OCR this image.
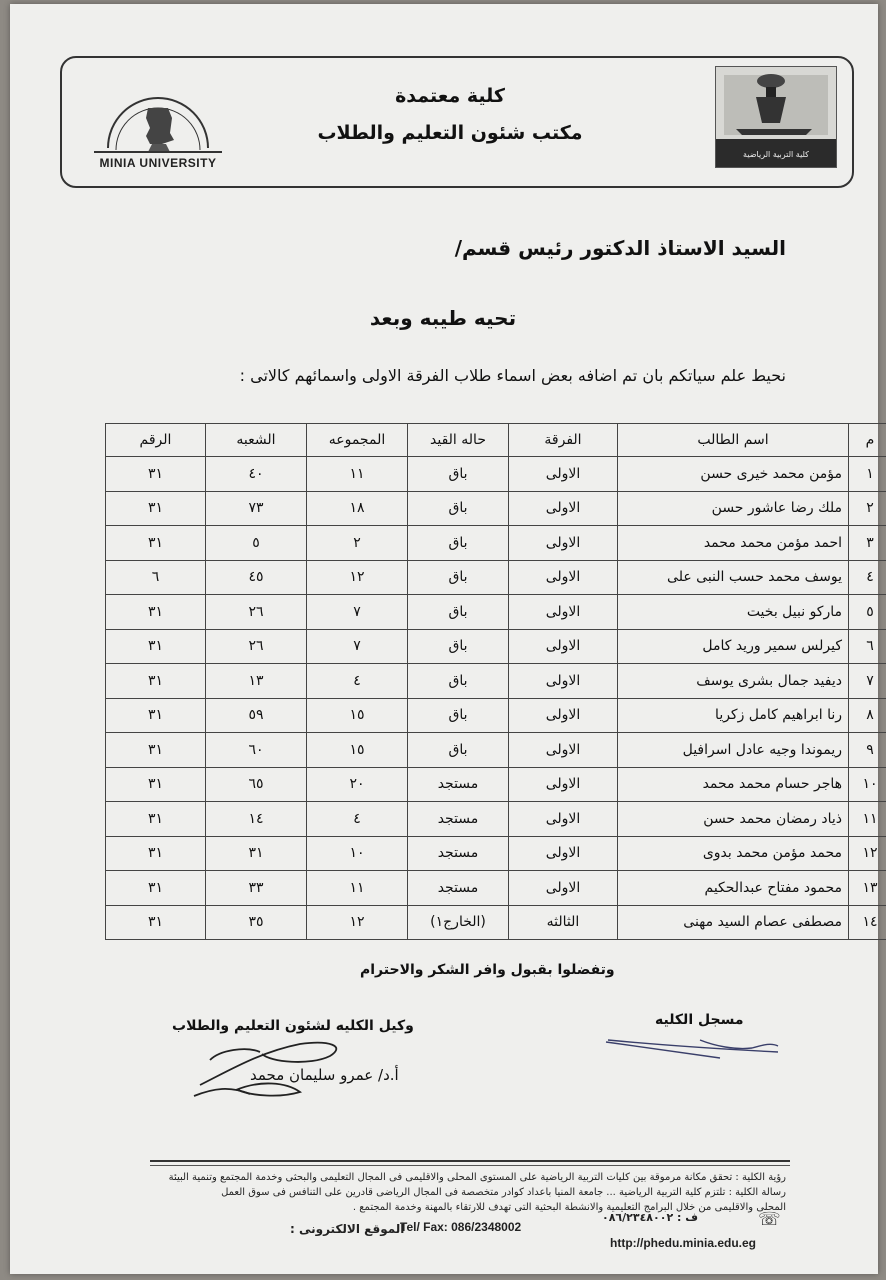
MINIA UNIVERSITY
كلية التربية الرياضية
كلية معتمدة
مكتب شئون التعليم والطلاب
السيد الاستاذ الدكتور رئيس قسم/
تحيه طيبه وبعد
نحيط علم سياتكم بان تم اضافه بعض اسماء طلاب الفرقة الاولى واسمائهم كالاتى :
م	اسم الطالب	الفرقة	حاله القيد	المجموعه	الشعبه	الرقم
١	مؤمن محمد خيرى حسن	الاولى	باق	١١	٤٠	٣١
٢	ملك رضا عاشور حسن	الاولى	باق	١٨	٧٣	٣١
٣	احمد مؤمن محمد محمد	الاولى	باق	٢	٥	٣١
٤	يوسف محمد حسب النبى على	الاولى	باق	١٢	٤٥	٦
٥	ماركو نبيل بخيت	الاولى	باق	٧	٢٦	٣١
٦	كيرلس سمير وريد كامل	الاولى	باق	٧	٢٦	٣١
٧	ديفيد جمال بشرى يوسف	الاولى	باق	٤	١٣	٣١
٨	رنا ابراهيم كامل زكريا	الاولى	باق	١٥	٥٩	٣١
٩	ريموندا وجيه عادل اسرافيل	الاولى	باق	١٥	٦٠	٣١
١٠	هاجر حسام محمد محمد	الاولى	مستجد	٢٠	٦٥	٣١
١١	ذياد رمضان محمد حسن	الاولى	مستجد	٤	١٤	٣١
١٢	محمد مؤمن محمد بدوى	الاولى	مستجد	١٠	٣١	٣١
١٣	محمود مفتاح عبدالحكيم	الاولى	مستجد	١١	٣٣	٣١
١٤	مصطفى عصام السيد مهنى	الثالثه	(الخارج١)	١٢	٣٥	٣١
وتفضلوا بقبول وافر الشكر والاحترام
مسجل الكليه
وكيل الكليه لشئون التعليم والطلاب
أ.د/ عمرو سليمان محمد
رؤية الكلية : تحقق مكانة مرموقة بين كليات التربية الرياضية على المستوى المحلى والاقليمى فى المجال التعليمى والبحثى وخدمة المجتمع وتنمية البيئة
رسالة الكلية : تلتزم كلية التربية الرياضية ... جامعة المنيا باعداد كوادر متخصصة فى المجال الرياضى قادرين على التنافس فى سوق العمل
المحلى والاقليمى من خلال البرامج التعليمية والانشطة البحثية التى تهدف للارتقاء بالمهنة وخدمة المجتمع .
ف : ٠٨٦/٢٣٤٨٠٠٢	☏
Tel/ Fax: 086/2348002
الموقع الالكترونى :
http://phedu.minia.edu.eg
